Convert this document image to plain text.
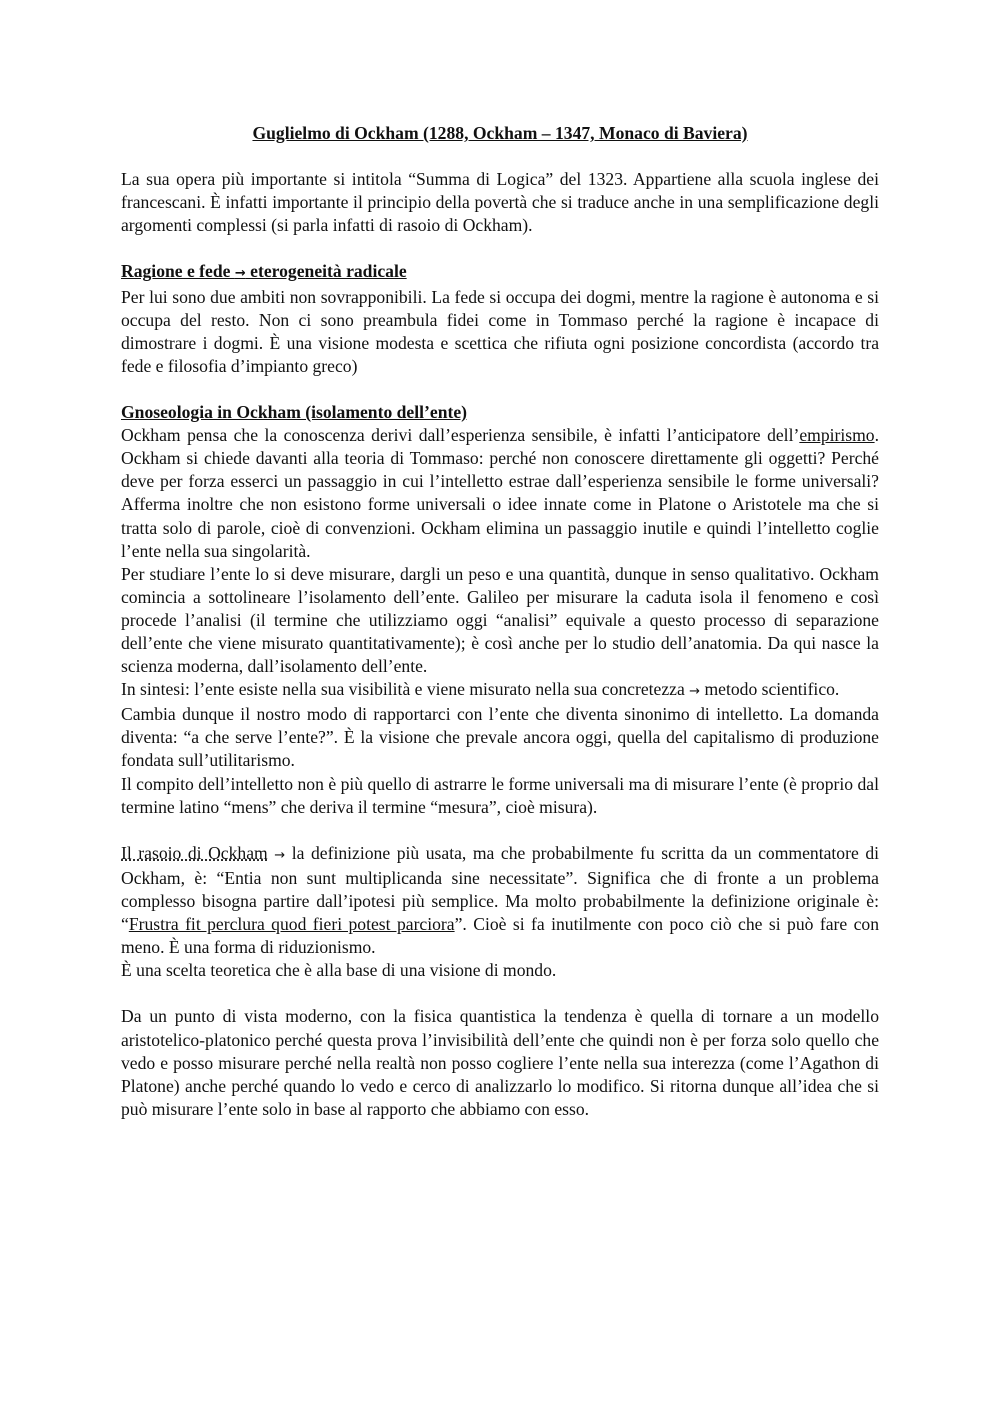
Guglielmo di Ockham (1288, Ockham – 1347, Monaco di Baviera)

La sua opera più importante si intitola “Summa di Logica” del 1323. Appartiene alla scuola inglese dei francescani. È infatti importante il principio della povertà che si traduce anche in una semplificazione degli argomenti complessi (si parla infatti di rasoio di Ockham).

Ragione e fede → eterogeneità radicale

Per lui sono due ambiti non sovrapponibili. La fede si occupa dei dogmi, mentre la ragione è autonoma e si occupa del resto. Non ci sono preambula fidei come in Tommaso perché la ragione è incapace di dimostrare i dogmi. È una visione modesta e scettica che rifiuta ogni posizione concordista (accordo tra fede e filosofia d’impianto greco)

Gnoseologia in Ockham (isolamento dell’ente)

Ockham pensa che la conoscenza derivi dall’esperienza sensibile, è infatti l’anticipatore dell’empirismo. Ockham si chiede davanti alla teoria di Tommaso: perché non conoscere direttamente gli oggetti? Perché deve per forza esserci un passaggio in cui l’intelletto estrae dall’esperienza sensibile le forme universali? Afferma inoltre che non esistono forme universali o idee innate come in Platone o Aristotele ma che si tratta solo di parole, cioè di convenzioni. Ockham elimina un passaggio inutile e quindi l’intelletto coglie l’ente nella sua singolarità.

Per studiare l’ente lo si deve misurare, dargli un peso e una quantità, dunque in senso qualitativo. Ockham comincia a sottolineare l’isolamento dell’ente. Galileo per misurare la caduta isola il fenomeno e così procede l’analisi (il termine che utilizziamo oggi “analisi” equivale a questo processo di separazione dell’ente che viene misurato quantitativamente); è così anche per lo studio dell’anatomia. Da qui nasce la scienza moderna, dall’isolamento dell’ente.

In sintesi: l’ente esiste nella sua visibilità e viene misurato nella sua concretezza → metodo scientifico.

Cambia dunque il nostro modo di rapportarci con l’ente che diventa sinonimo di intelletto. La domanda diventa: “a che serve l’ente?”. È la visione che prevale ancora oggi, quella del capitalismo di produzione fondata sull’utilitarismo.

Il compito dell’intelletto non è più quello di astrarre le forme universali ma di misurare l’ente (è proprio dal termine latino “mens” che deriva il termine “mesura”, cioè misura).

Il rasoio di Ockham → la definizione più usata, ma che probabilmente fu scritta da un commentatore di Ockham, è: “Entia non sunt multiplicanda sine necessitate”. Significa che di fronte a un problema complesso bisogna partire dall’ipotesi più semplice. Ma molto probabilmente la definizione originale è: “Frustra fit perclura quod fieri potest parciora”. Cioè si fa inutilmente con poco ciò che si può fare con meno. È una forma di riduzionismo.

È una scelta teoretica che è alla base di una visione di mondo.

Da un punto di vista moderno, con la fisica quantistica la tendenza è quella di tornare a un modello aristotelico-platonico perché questa prova l’invisibilità dell’ente che quindi non è per forza solo quello che vedo e posso misurare perché nella realtà non posso cogliere l’ente nella sua interezza (come l’Agathon di Platone) anche perché quando lo vedo e cerco di analizzarlo lo modifico. Si ritorna dunque all’idea che si può misurare l’ente solo in base al rapporto che abbiamo con esso.
